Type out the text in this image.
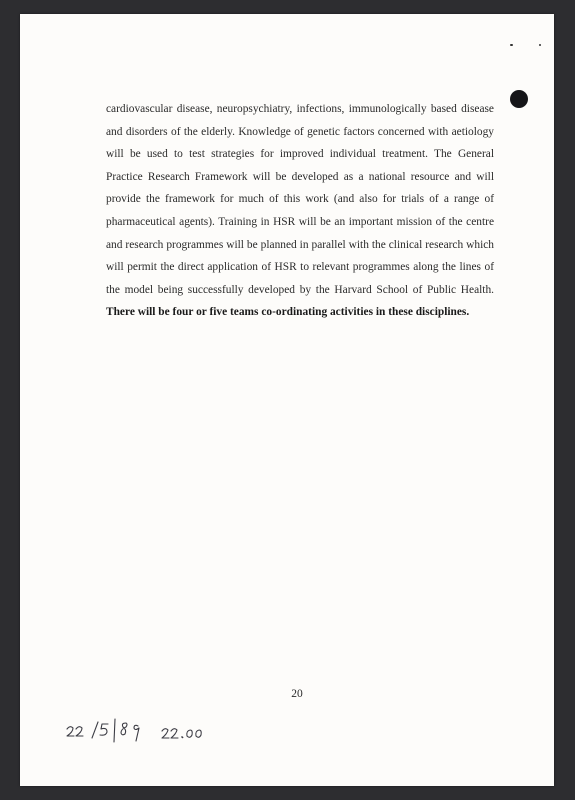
cardiovascular disease, neuropsychiatry, infections, immunologically based disease and disorders of the elderly. Knowledge of genetic factors concerned with aetiology will be used to test strategies for improved individual treatment. The General Practice Research Framework will be developed as a national resource and will provide the framework for much of this work (and also for trials of a range of pharmaceutical agents). Training in HSR will be an important mission of the centre and research programmes will be planned in parallel with the clinical research which will permit the direct application of HSR to relevant programmes along the lines of the model being successfully developed by the Harvard School of Public Health. There will be four or five teams co-ordinating activities in these disciplines.

20
